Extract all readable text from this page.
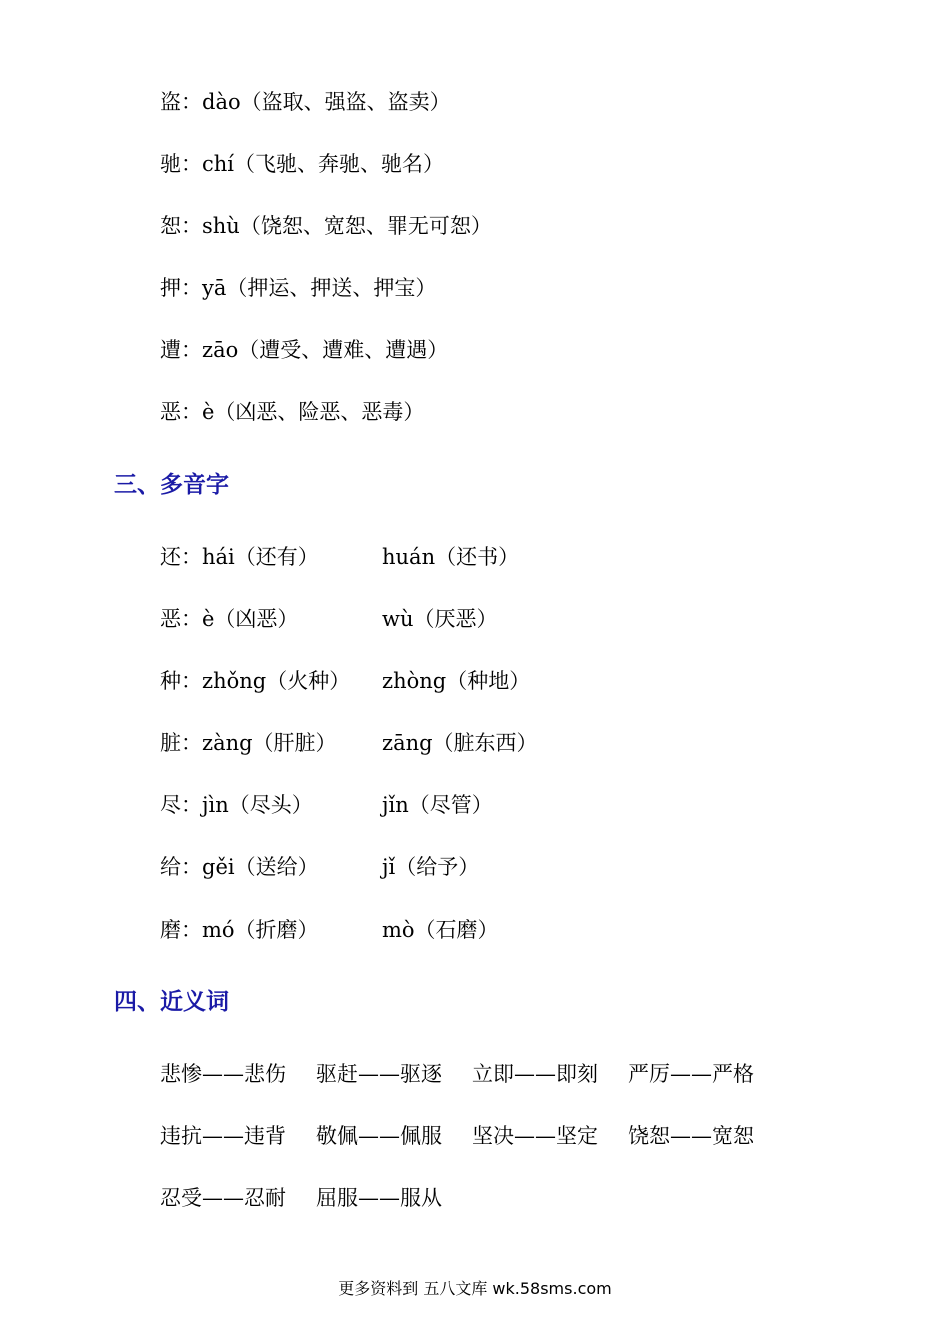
盗：dào（盗取、强盗、盗卖）
驰：chí（飞驰、奔驰、驰名）
恕：shù（饶恕、宽恕、罪无可恕）
押：yā（押运、押送、押宝）
遭：zāo（遭受、遭难、遭遇）
恶：è（凶恶、险恶、恶毒）
三、多音字
还：hái（还有）	huán（还书）
恶：è（凶恶）	wù（厌恶）
种：zhǒng（火种） zhòng（种地）
脏：zàng（肝脏） zāng（脏东西）
尽：jìn（尽头）	jǐn（尽管）
给：gěi（送给）	jǐ（给予）
磨：mó（折磨）	mò（石磨）
四、近义词
悲惨——悲伤 驱赶——驱逐 立即——即刻 严厉——严格
违抗——违背 敬佩——佩服 坚决——坚定 饶恕——宽恕
忍受——忍耐 屈服——服从
更多资料到 五八文库 wk.58sms.com
